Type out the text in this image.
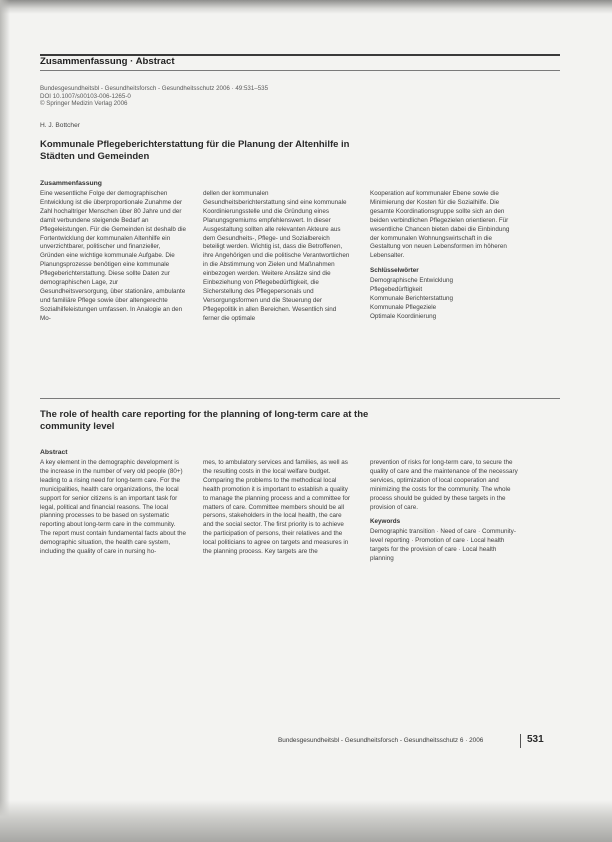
Zusammenfassung · Abstract
Bundesgesundheitsbl - Gesundheitsforsch - Gesundheitsschutz 2006 · 49:531–535
DOI 10.1007/s00103-006-1265-0
© Springer Medizin Verlag 2006
H. J. Bottcher
Kommunale Pflegeberichterstattung für die Planung der Altenhilfe in Städten und Gemeinden
Zusammenfassung

Eine wesentliche Folge der demographischen Entwicklung ist die überproportionale Zunahme der Zahl hochaltriger Menschen über 80 Jahre und der damit verbundene steigende Bedarf an Pflegeleistungen. Für die Gemeinden ist deshalb die Fortentwicklung der kommunalen Altenhilfe ein unverzichtbarer, politischer und finanzieller, Gründen eine wichtige kommunale Aufgabe. Die Planungsprozesse benötigen eine kommunale Pflegeberichterstattung. Diese sollte Daten zur demographischen Lage, zur Gesundheitsversorgung, über stationäre, ambulante und familiäre Pflege sowie über altengerechte Sozialhilfeleistungen umfassen. In Analogie an den Mo-

dellen der kommunalen Gesundheitsberichterstattung sind eine kommunale Koordinierungsstelle und die Gründung eines Planungsgremiums empfehlenswert. In dieser Ausgestaltung sollten alle relevanten Akteure aus dem Gesundheits-, Pflege- und Sozialbereich beteiligt werden. Wichtig ist, dass die Betroffenen, ihre Angehörigen und die politische Verantwortlichen in die Abstimmung von Zielen und Maßnahmen einbezogen werden. Weitere Ansätze sind die Einbeziehung von Pflegebedürftigkeit, die Sicherstellung des Pflegepersonals und Versorgungsformen und die Steuerung der Pflegepolitik in allen Bereichen. Wesentlich sind ferner die optimale

Kooperation auf kommunaler Ebene sowie die Minimierung der Kosten für die Sozialhilfe. Die gesamte Koordinationsgruppe sollte sich an den beiden verbindlichen Pflegezielen orientieren. Für wesentliche Chancen bieten dabei die Einbindung der kommunalen Wohnungswirtschaft in die Gestaltung von neuen Lebensformen im höheren Lebensalter.

Schlüsselwörter

Demographische Entwicklung

Pflegebedürftigkeit

Kommunale Berichterstattung

Kommunale Pflegeziele

Optimale Koordinierung

The role of health care reporting for the planning of long-term care at the community level
Abstract

A key element in the demographic development is the increase in the number of very old people (80+) leading to a rising need for long-term care. For the municipalities, health care organizations, the local support for senior citizens is an important task for legal, political and financial reasons. The local planning processes to be based on systematic reporting about long-term care in the community. The report must contain fundamental facts about the demographic situation, the health care system, including the quality of care in nursing ho-

mes, to ambulatory services and families, as well as the resulting costs in the local welfare budget. Comparing the problems to the methodical local health promotion it is important to establish a quality to manage the planning process and a committee for matters of care. Committee members should be all persons, stakeholders in the local health, the care and the social sector. The first priority is to achieve the participation of persons, their relatives and the local politicians to agree on targets and measures in the planning process. Key targets are the

prevention of risks for long-term care, to secure the quality of care and the maintenance of the necessary services, optimization of local cooperation and minimizing the costs for the community. The whole process should be guided by these targets in the provision of care.

Keywords

Demographic transition · Need of care · Community-level reporting · Promotion of care · Local health targets for the provision of care · Local health planning

Bundesgesundheitsbl - Gesundheitsforsch - Gesundheitsschutz 6 · 2006	531
